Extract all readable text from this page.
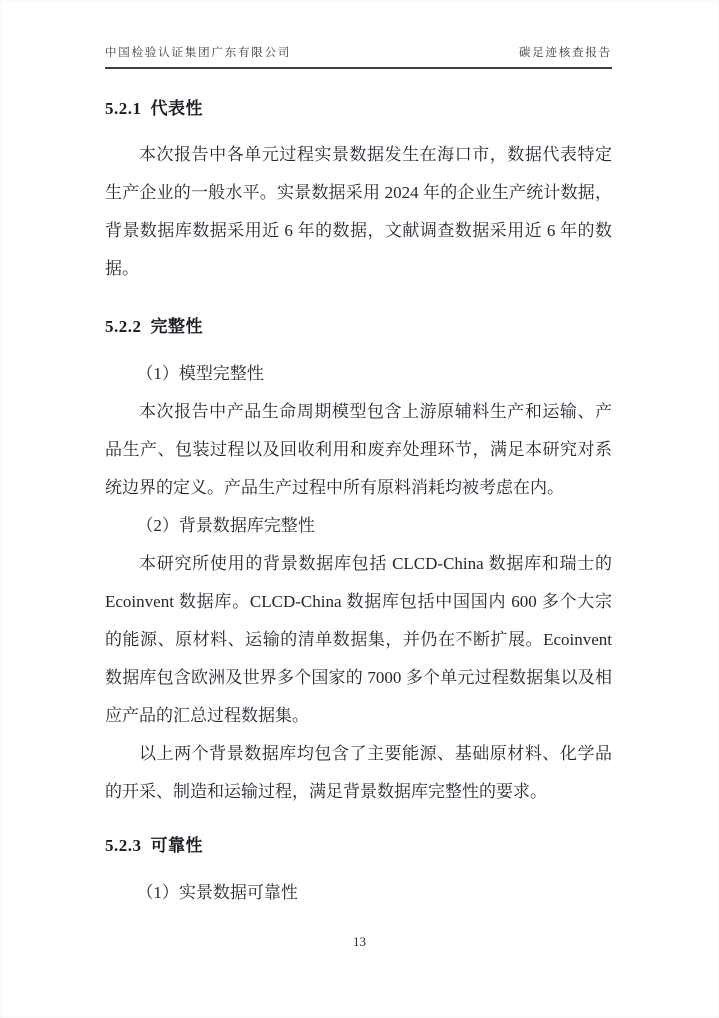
中国检验认证集团广东有限公司	碳足迹核查报告
5.2.1 代表性

本次报告中各单元过程实景数据发生在海口市，数据代表特定生产企业的一般水平。实景数据采用 2024 年的企业生产统计数据，背景数据库数据采用近 6 年的数据，文献调查数据采用近 6 年的数据。

5.2.2 完整性

（1）模型完整性

本次报告中产品生命周期模型包含上游原辅料生产和运输、产品生产、包装过程以及回收利用和废弃处理环节，满足本研究对系统边界的定义。产品生产过程中所有原料消耗均被考虑在内。

（2）背景数据库完整性

本研究所使用的背景数据库包括 CLCD-China 数据库和瑞士的 Ecoinvent 数据库。CLCD-China 数据库包括中国国内 600 多个大宗的能源、原材料、运输的清单数据集，并仍在不断扩展。Ecoinvent 数据库包含欧洲及世界多个国家的 7000 多个单元过程数据集以及相应产品的汇总过程数据集。

以上两个背景数据库均包含了主要能源、基础原材料、化学品的开采、制造和运输过程，满足背景数据库完整性的要求。

5.2.3 可靠性

（1）实景数据可靠性

13
